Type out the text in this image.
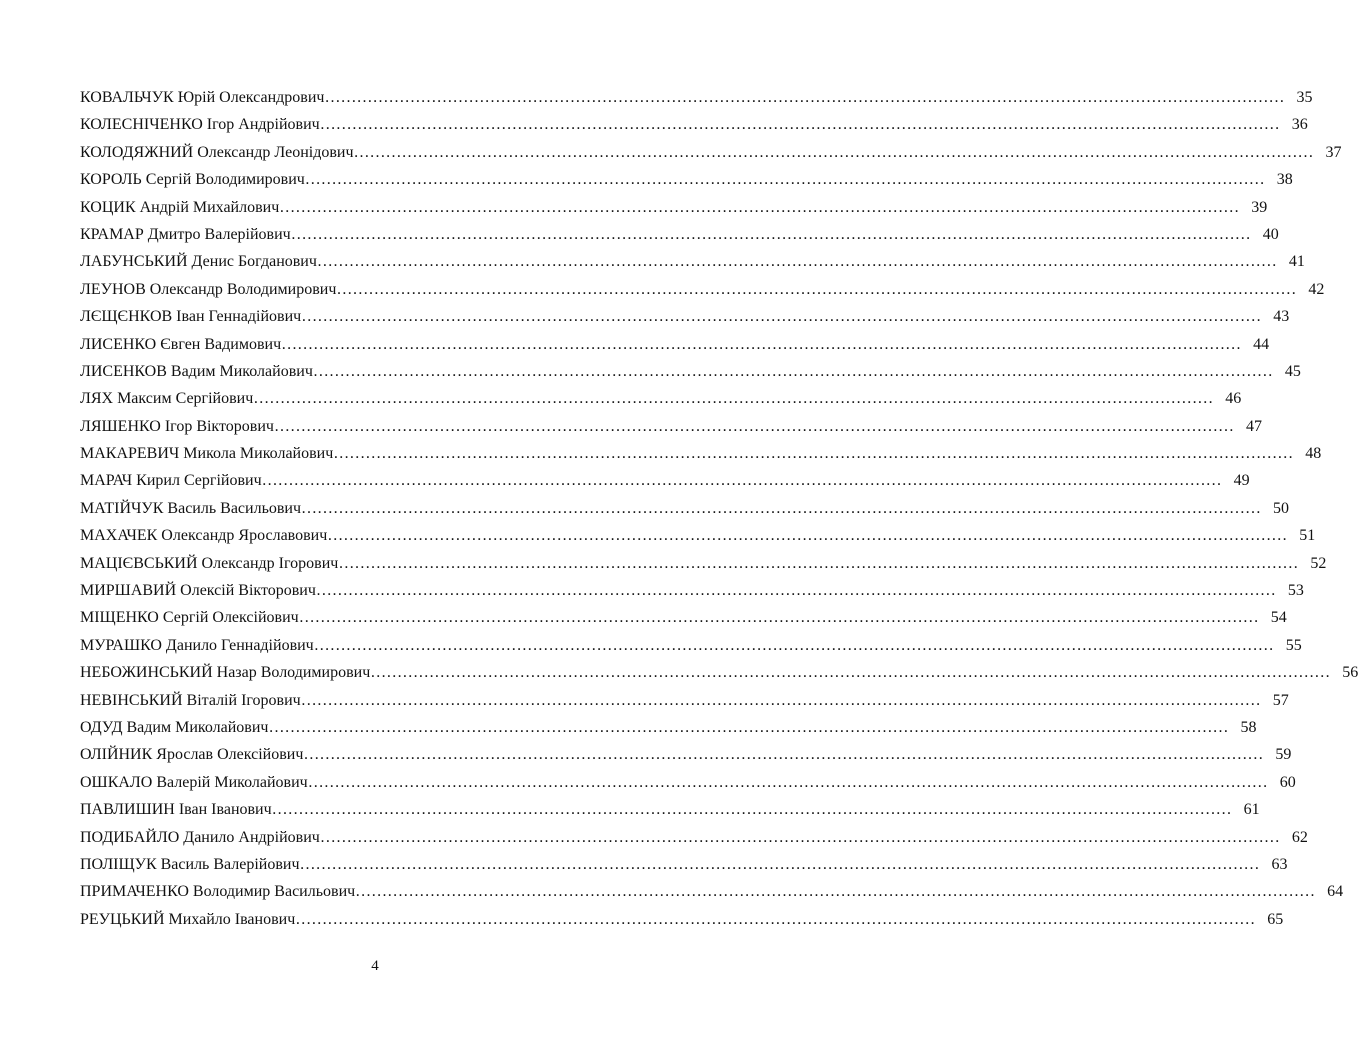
КОВАЛЬЧУК Юрій Олександрович ……………………………………………………………………………………………………………………………………………………………… 35
КОЛЕСНІЧЕНКО Ігор Андрійович ……………………………………………………………………………………………………………………………………………………………… 36
КОЛОДЯЖНИЙ Олександр Леонідович ……………………………………………………………………………………………………………………………………………………………… 37
КОРОЛЬ Сергій Володимирович ……………………………………………………………………………………………………………………………………………………………… 38
КОЦИК Андрій Михайлович ……………………………………………………………………………………………………………………………………………………………… 39
КРАМАР Дмитро Валерійович ……………………………………………………………………………………………………………………………………………………………… 40
ЛАБУНСЬКИЙ Денис Богданович ……………………………………………………………………………………………………………………………………………………………… 41
ЛЕУНОВ Олександр Володимирович ……………………………………………………………………………………………………………………………………………………………… 42
ЛЄЩЄНКОВ Іван Геннадійович ……………………………………………………………………………………………………………………………………………………………… 43
ЛИСЕНКО Євген Вадимович ……………………………………………………………………………………………………………………………………………………………… 44
ЛИСЕНКОВ Вадим Миколайович ……………………………………………………………………………………………………………………………………………………………… 45
ЛЯХ Максим Сергійович ……………………………………………………………………………………………………………………………………………………………… 46
ЛЯШЕНКО Ігор Вікторович ……………………………………………………………………………………………………………………………………………………………… 47
МАКАРЕВИЧ Микола Миколайович ……………………………………………………………………………………………………………………………………………………………… 48
МАРАЧ Кирил Сергійович ……………………………………………………………………………………………………………………………………………………………… 49
МАТІЙЧУК Василь Васильович ……………………………………………………………………………………………………………………………………………………………… 50
МАХАЧЕК Олександр Ярославович ……………………………………………………………………………………………………………………………………………………………… 51
МАЦІЄВСЬКИЙ Олександр Ігорович ……………………………………………………………………………………………………………………………………………………………… 52
МИРШАВИЙ Олексій Вікторович ……………………………………………………………………………………………………………………………………………………………… 53
МІЩЕНКО Сергій Олексійович ……………………………………………………………………………………………………………………………………………………………… 54
МУРАШКО Данило Геннадійович ……………………………………………………………………………………………………………………………………………………………… 55
НЕБОЖИНСЬКИЙ Назар Володимирович ……………………………………………………………………………………………………………………………………………………………… 56
НЕВІНСЬКИЙ Віталій Ігорович ……………………………………………………………………………………………………………………………………………………………… 57
ОДУД Вадим Миколайович ……………………………………………………………………………………………………………………………………………………………… 58
ОЛІЙНИК Ярослав Олексійович ……………………………………………………………………………………………………………………………………………………………… 59
ОШКАЛО Валерій Миколайович ……………………………………………………………………………………………………………………………………………………………… 60
ПАВЛИШИН Іван Іванович ……………………………………………………………………………………………………………………………………………………………… 61
ПОДИБАЙЛО Данило Андрійович ……………………………………………………………………………………………………………………………………………………………… 62
ПОЛІЩУК Василь Валерійович ……………………………………………………………………………………………………………………………………………………………… 63
ПРИМАЧЕНКО Володимир Васильович ……………………………………………………………………………………………………………………………………………………………… 64
РЕУЦЬКИЙ Михайло Іванович ……………………………………………………………………………………………………………………………………………………………… 65
4
